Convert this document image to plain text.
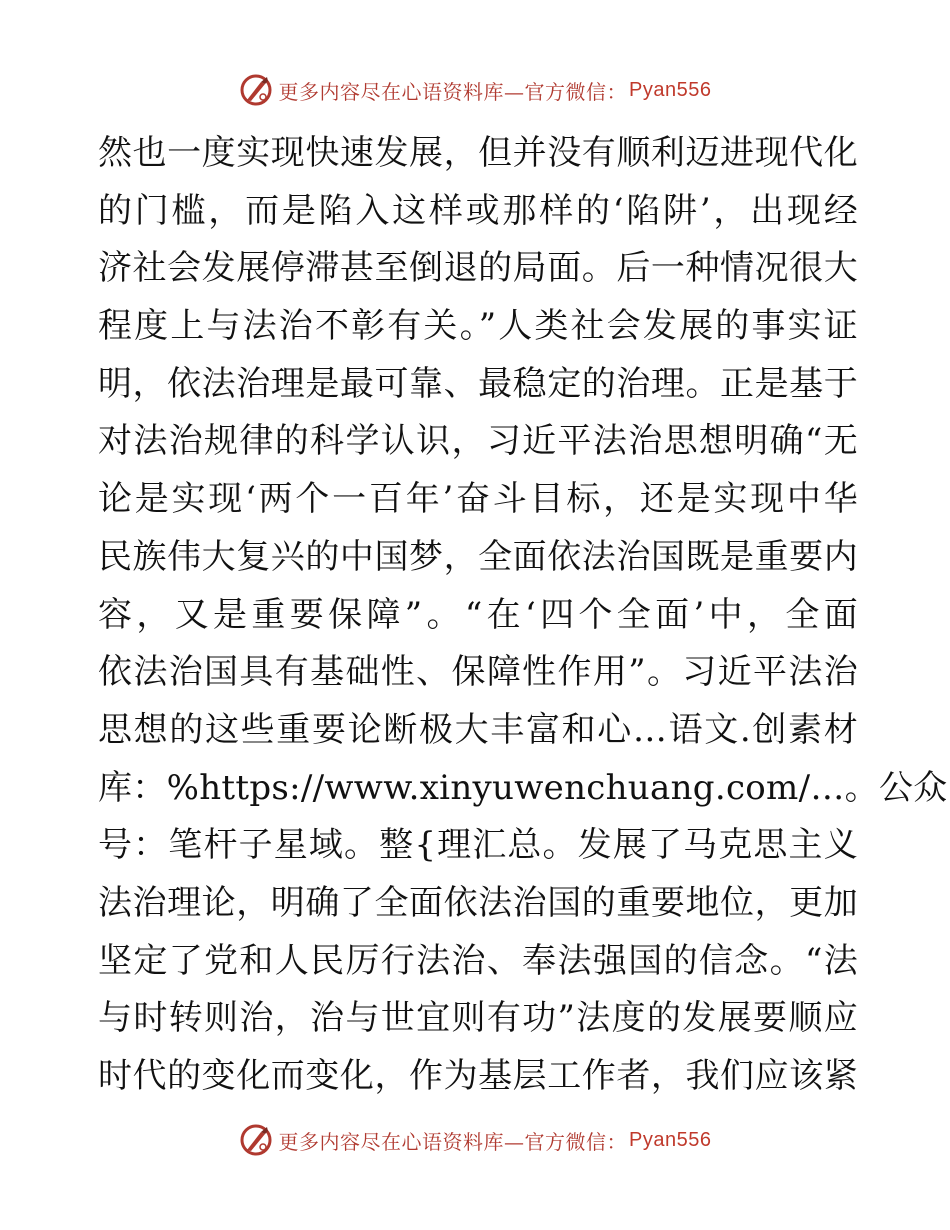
更多内容尽在心语资料库—官方微信： Pyan556
然也一度实现快速发展，但并没有顺利迈进现代化
的门槛，而是陷入这样或那样的‘陷阱’，出现经
济社会发展停滞甚至倒退的局面。后一种情况很大
程度上与法治不彰有关。”人类社会发展的事实证
明，依法治理是最可靠、最稳定的治理。正是基于
对法治规律的科学认识，习近平法治思想明确“无
论是实现‘两个一百年’奋斗目标，还是实现中华
民族伟大复兴的中国梦，全面依法治国既是重要内
容，又是重要保障”。“在‘四个全面’中，全面
依法治国具有基础性、保障性作用”。习近平法治
思想的这些重要论断极大丰富和心…语文.创素材
库：%https://www.xinyuwenchuang.com/…。公众
号：笔杆子星域。整{理汇总。发展了马克思主义
法治理论，明确了全面依法治国的重要地位，更加
坚定了党和人民厉行法治、奉法强国的信念。“法
与时转则治，治与世宜则有功”法度的发展要顺应
时代的变化而变化，作为基层工作者，我们应该紧
更多内容尽在心语资料库—官方微信： Pyan556
